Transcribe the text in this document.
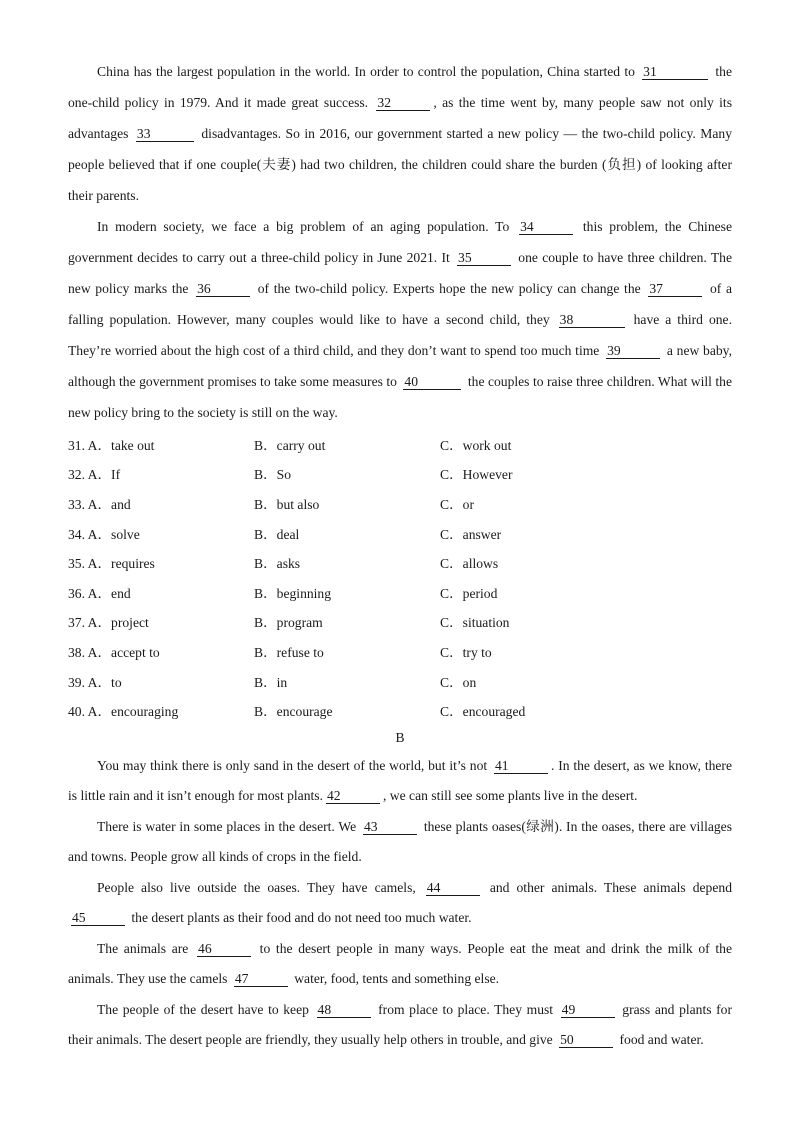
China has the largest population in the world. In order to control the population, China started to 31	the one-child policy in 1979. And it made great success. 32	, as the time went by, many people saw not only its advantages 33	disadvantages. So in 2016, our government started a new policy — the two-child policy. Many people believed that if one couple(夫妻) had two children, the children could share the burden (负担) of looking after their parents.

In modern society, we face a big problem of an aging population. To 34	this problem, the Chinese government decides to carry out a three-child policy in June 2021. It 35	one couple to have three children. The new policy marks the 36	of the two-child policy. Experts hope the new policy can change the 37	of a falling population. However, many couples would like to have a second child, they 38	have a third one. They’re worried about the high cost of a third child, and they don’t want to spend too much time 39	a new baby, although the government promises to take some measures to 40	the couples to raise three children. What will the new policy bring to the society is still on the way.

31. A．take out	B．carry out	C．work out
32. A．If	B．So	C．However
33. A．and	B．but also	C．or
34. A．solve	B．deal	C．answer
35. A．requires	B．asks	C．allows
36. A．end	B．beginning	C．period
37. A．project	B．program	C．situation
38. A．accept to	B．refuse to	C．try to
39. A．to	B．in	C．on
40. A．encouraging	B．encourage	C．encouraged
B

You may think there is only sand in the desert of the world, but it’s not 41	. In the desert, as we know, there is little rain and it isn’t enough for most plants. 42	, we can still see some plants live in the desert.

There is water in some places in the desert. We 43	these plants oases(绿洲). In the oases, there are villages and towns. People grow all kinds of crops in the field.

People also live outside the oases. They have camels, 44	and other animals. These animals depend 45	the desert plants as their food and do not need too much water.

The animals are 46	to the desert people in many ways. People eat the meat and drink the milk of the animals. They use the camels 47	water, food, tents and something else.

The people of the desert have to keep 48	from place to place. They must 49	grass and plants for their animals. The desert people are friendly, they usually help others in trouble, and give 50	food and water.
